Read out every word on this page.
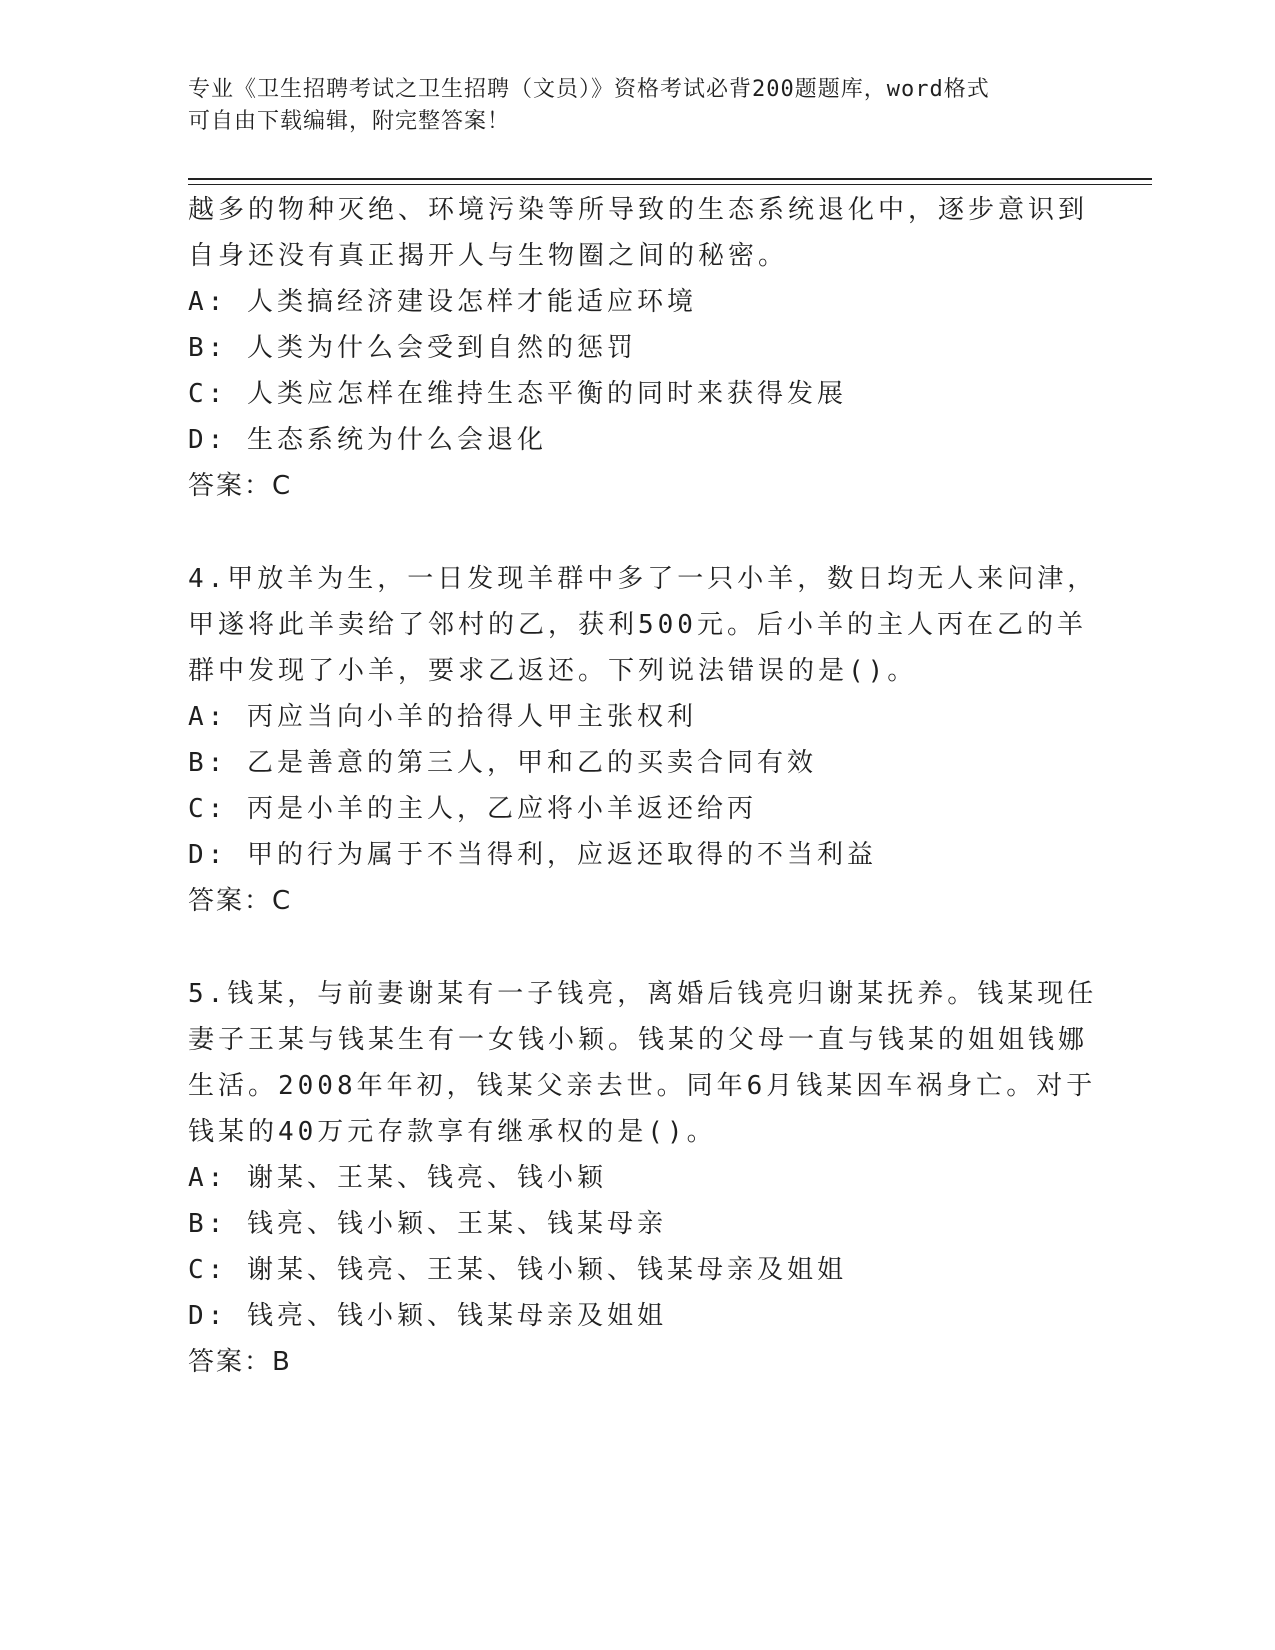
专业《卫生招聘考试之卫生招聘（文员）》资格考试必背200题题库，word格式
可自由下载编辑，附完整答案！

越多的物种灭绝、环境污染等所导致的生态系统退化中，逐步意识到

自身还没有真正揭开人与生物圈之间的秘密。

A: 人类搞经济建设怎样才能适应环境

B: 人类为什么会受到自然的惩罚

C: 人类应怎样在维持生态平衡的同时来获得发展

D: 生态系统为什么会退化

答案：C

4.甲放羊为生，一日发现羊群中多了一只小羊，数日均无人来问津，

甲遂将此羊卖给了邻村的乙，获利500元。后小羊的主人丙在乙的羊

群中发现了小羊，要求乙返还。下列说法错误的是()。

A: 丙应当向小羊的拾得人甲主张权利

B: 乙是善意的第三人，甲和乙的买卖合同有效

C: 丙是小羊的主人，乙应将小羊返还给丙

D: 甲的行为属于不当得利，应返还取得的不当利益

答案：C

5.钱某，与前妻谢某有一子钱亮，离婚后钱亮归谢某抚养。钱某现任

妻子王某与钱某生有一女钱小颖。钱某的父母一直与钱某的姐姐钱娜

生活。2008年年初，钱某父亲去世。同年6月钱某因车祸身亡。对于

钱某的40万元存款享有继承权的是()。

A: 谢某、王某、钱亮、钱小颖

B: 钱亮、钱小颖、王某、钱某母亲

C: 谢某、钱亮、王某、钱小颖、钱某母亲及姐姐

D: 钱亮、钱小颖、钱某母亲及姐姐

答案：B
